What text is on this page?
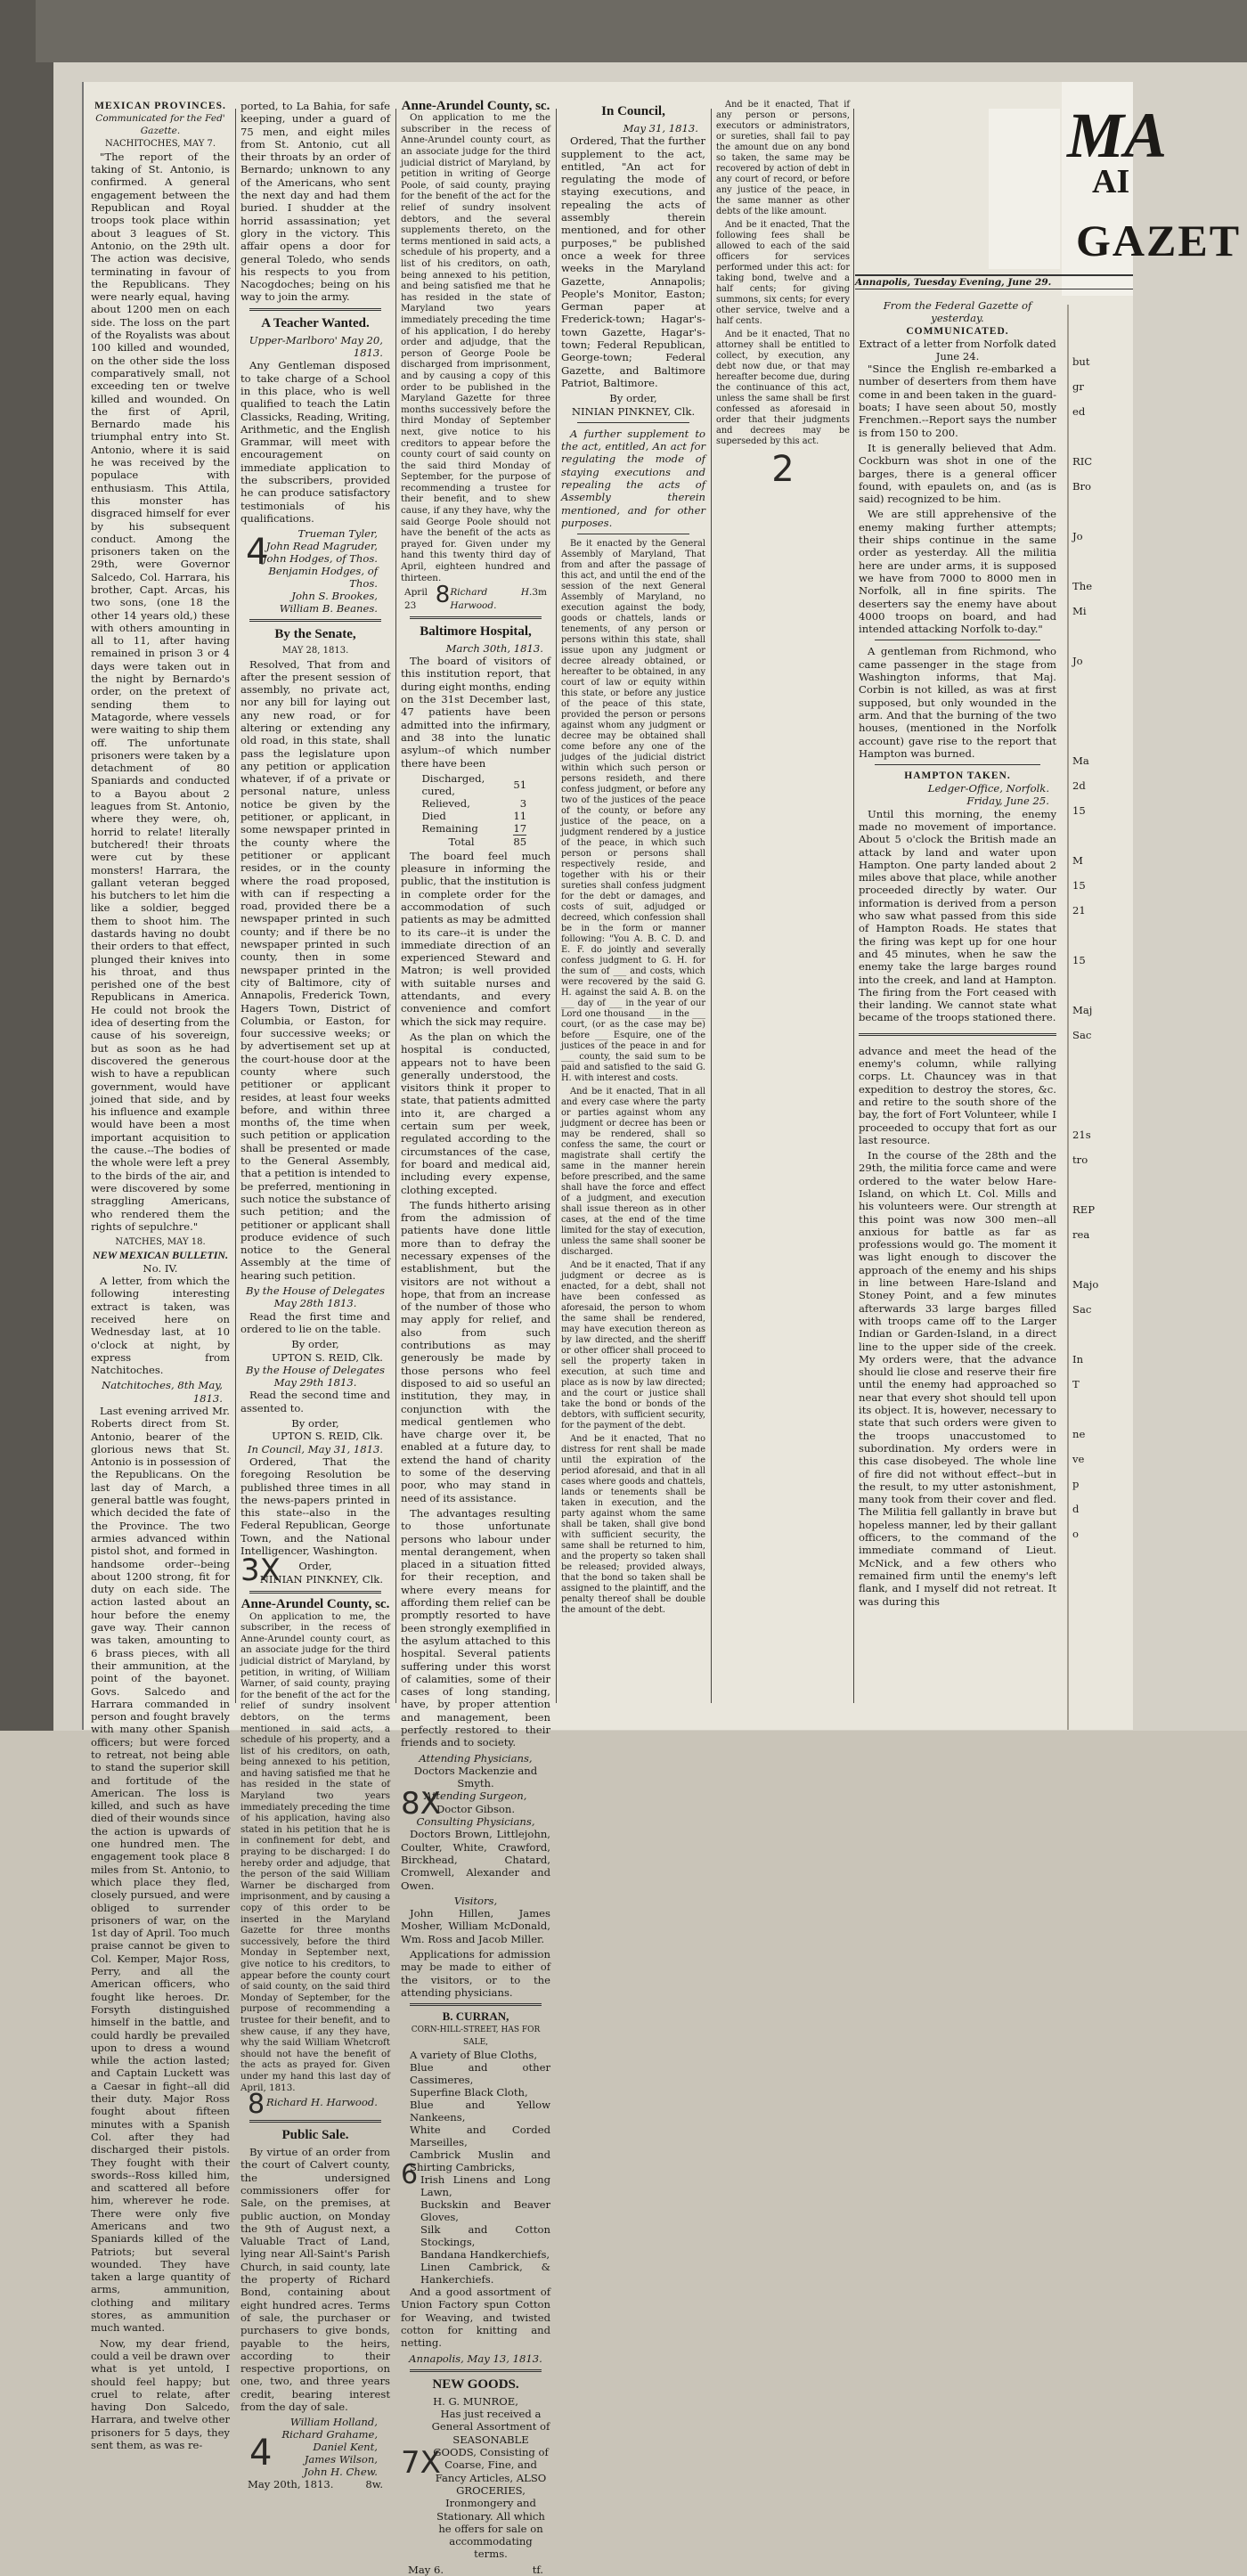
MEXICAN PROVINCES.
Communicated for the Fed' Gazette.
NACHITOCHES, MAY 7.

"The report of the taking of St. Antonio, is confirmed. A general engagement between the Republican and Royal troops took place within about 3 leagues of St. Antonio, on the 29th ult. The action was decisive, terminating in favour of the Republicans. They were nearly equal, having about 1200 men on each side. The loss on the part of the Royalists was about 100 killed and wounded, on the other side the loss comparatively small, not exceeding ten or twelve killed and wounded. On the first of April, Bernardo made his triumphal entry into St. Antonio, where it is said he was received by the populace with enthusiasm. This Attila, this monster has disgraced himself for ever by his subsequent conduct. Among the prisoners taken on the 29th, were Governor Salcedo, Col. Harrara, his brother, Capt. Arcas, his two sons, (one 18 the other 14 years old,) these with others amounting in all to 11, after having remained in prison 3 or 4 days were taken out in the night by Bernardo's order, on the pretext of sending them to Matagorde, where vessels were waiting to ship them off. The unfortunate prisoners were taken by a detachment of 80 Spaniards and conducted to a Bayou about 2 leagues from St. Antonio, where they were, oh, horrid to relate! literally butchered! their throats were cut by these monsters! Harrara, the gallant veteran begged his butchers to let him die like a soldier, begged them to shoot him. The dastards having no doubt their orders to that effect, plunged their knives into his throat, and thus perished one of the best Republicans in America. He could not brook the idea of deserting from the cause of his sovereign, but as soon as he had discovered the generous wish to have a republican government, would have joined that side, and by his influence and example would have been a most important acquisition to the cause.--The bodies of the whole were left a prey to the birds of the air, and were discovered by some straggling Americans, who rendered them the rights of sepulchre."

NATCHES, MAY 18.
NEW MEXICAN BULLETIN.
No. IV.

A letter, from which the following interesting extract is taken, was received here on Wednesday last, at 10 o'clock at night, by express from Natchitoches.

Natchitoches, 8th May, 1813.

Last evening arrived Mr. Roberts direct from St. Antonio, bearer of the glorious news that St. Antonio is in possession of the Republicans. On the last day of March, a general battle was fought, which decided the fate of the Province. The two armies advanced within pistol shot, and formed in handsome order--being about 1200 strong, fit for duty on each side. The action lasted about an hour before the enemy gave way. Their cannon was taken, amounting to 6 brass pieces, with all their ammunition, at the point of the bayonet. Govs. Salcedo and Harrara commanded in person and fought bravely with many other Spanish officers; but were forced to retreat, not being able to stand the superior skill and fortitude of the American. The loss is killed, and such as have died of their wounds since the action is upwards of one hundred men. The engagement took place 8 miles from St. Antonio, to which place they fled, closely pursued, and were obliged to surrender prisoners of war, on the 1st day of April. Too much praise cannot be given to Col. Kemper, Major Ross, Perry, and all the American officers, who fought like heroes. Dr. Forsyth distinguished himself in the battle, and could hardly be prevailed upon to dress a wound while the action lasted; and Captain Luckett was a Caesar in fight--all did their duty. Major Ross fought about fifteen minutes with a Spanish Col. after they had discharged their pistols. They fought with their swords--Ross killed him, and scattered all before him, wherever he rode. There were only five Americans and two Spaniards killed of the Patriots; but several wounded. They have taken a large quantity of arms, ammunition, clothing and military stores, as ammunition much wanted.

Now, my dear friend, could a veil be drawn over what is yet untold, I should feel happy; but cruel to relate, after having Don Salcedo, Harrara, and twelve other prisoners for 5 days, they sent them, as was re-

ported, to La Bahia, for safe keeping, under a guard of 75 men, and eight miles from St. Antonio, cut all their throats by an order of Bernardo; unknown to any of the Americans, who sent the next day and had them buried. I shudder at the horrid assassination; yet glory in the victory. This affair opens a door for general Toledo, who sends his respects to you from Nacogdoches; being on his way to join the army.

A Teacher Wanted.
Upper-Marlboro' May 20, 1813.

Any Gentleman disposed to take charge of a School in this place, who is well qualified to teach the Latin Classicks, Reading, Writing, Arithmetic, and the English Grammar, will meet with encouragement on immediate application to the subscribers, provided he can produce satisfactory testimonials of his qualifications.

4	Trueman Tyler,
John Read Magruder,
John Hodges, of Thos.
Benjamin Hodges, of Thos.
John S. Brookes,
William B. Beanes.
By the Senate,
MAY 28, 1813.

Resolved, That from and after the present session of assembly, no private act, nor any bill for laying out any new road, or for altering or extending any old road, in this state, shall pass the legislature upon any petition or application whatever, if of a private or personal nature, unless notice be given by the petitioner, or applicant, in some newspaper printed in the county where the petitioner or applicant resides, or in the county where the road proposed, with can if respecting a road, provided there be a newspaper printed in such county; and if there be no newspaper printed in such county, then in some newspaper printed in the city of Baltimore, city of Annapolis, Frederick Town, Hagers Town, District of Columbia, or Easton, for four successive weeks; or by advertisement set up at the court-house door at the county where such petitioner or applicant resides, at least four weeks before, and within three months of, the time when such petition or application shall be presented or made to the General Assembly, that a petition is intended to be preferred, mentioning in such notice the substance of such petition; and the petitioner or applicant shall produce evidence of such notice to the General Assembly at the time of hearing such petition.

By the House of Delegates May 28th 1813.

Read the first time and ordered to lie on the table.

By order,
UPTON S. REID, Clk.
By the House of Delegates May 29th 1813.

Read the second time and assented to.

By order,
UPTON S. REID, Clk.
In Council, May 31, 1813.

Ordered, That the foregoing Resolution be published three times in all the news-papers printed in this state--also in the Federal Republican, George Town, and the National Intelligencer, Washington.

3X	Order,
NINIAN PINKNEY, Clk.
Anne-Arundel County, sc.

On application to me, the subscriber, in the recess of Anne-Arundel county court, as an associate judge for the third judicial district of Maryland, by petition, in writing, of William Warner, of said county, praying for the benefit of the act for the relief of sundry insolvent debtors, on the terms mentioned in said acts, a schedule of his property, and a list of his creditors, on oath, being annexed to his petition, and having satisfied me that he has resided in the state of Maryland two years immediately preceding the time of his application, having also stated in his petition that he is in confinement for debt, and praying to be discharged: I do hereby order and adjudge, that the person of the said William Warner be discharged from imprisonment, and by causing a copy of this order to be inserted in the Maryland Gazette for three months successively, before the third Monday in September next, give notice to his creditors, to appear before the county court of said county, on the said third Monday of September, for the purpose of recommending a trustee for their benefit, and to shew cause, if any they have, why the said William Whetcroft should not have the benefit of the acts as prayed for. Given under my hand this last day of April, 1813.

8 Richard H. Harwood.
Public Sale.

By virtue of an order from the court of Calvert county, the undersigned commissioners offer for Sale, on the premises, at public auction, on Monday the 9th of August next, a Valuable Tract of Land, lying near All-Saint's Parish Church, in said county, late the property of Richard Bond, containing about eight hundred acres. Terms of sale, the purchaser or purchasers to give bonds, payable to the heirs, according to their respective proportions, on one, two, and three years credit, bearing interest from the day of sale.

4
William Holland,
Richard Grahame,
Daniel Kent,
James Wilson,
John H. Chew.
May 20th, 1813.	8w.
Anne-Arundel County, sc.

On application to me the subscriber in the recess of Anne-Arundel county court, as an associate judge for the third judicial district of Maryland, by petition in writing of George Poole, of said county, praying for the benefit of the act for the relief of sundry insolvent debtors, and the several supplements thereto, on the terms mentioned in said acts, a schedule of his property, and a list of his creditors, on oath, being annexed to his petition, and being satisfied me that he has resided in the state of Maryland two years immediately preceding the time of his application, I do hereby order and adjudge, that the person of George Poole be discharged from imprisonment, and by causing a copy of this order to be published in the Maryland Gazette for three months successively before the third Monday of September next, give notice to his creditors to appear before the county court of said county on the said third Monday of September, for the purpose of recommending a trustee for their benefit, and to shew cause, if any they have, why the said George Poole should not have the benefit of the acts as prayed for. Given under my hand this twenty third day of April, eighteen hundred and thirteen.

April 23 8 Richard H. Harwood.
3m
Baltimore Hospital,
March 30th, 1813.

The board of visitors of this institution report, that during eight months, ending on the 31st December last, 47 patients have been admitted into the infirmary, and 38 into the lunatic asylum--of which number there have been

Discharged, cured,	51
Relieved,	3
Died	11
Remaining	17
Total	85

The board feel much pleasure in informing the public, that the institution is in complete order for the accommodation of such patients as may be admitted to its care--it is under the immediate direction of an experienced Steward and Matron; is well provided with suitable nurses and attendants, and every convenience and comfort which the sick may require.

As the plan on which the hospital is conducted, appears not to have been generally understood, the visitors think it proper to state, that patients admitted into it, are charged a certain sum per week, regulated according to the circumstances of the case, for board and medical aid, including every expense, clothing excepted.

The funds hitherto arising from the admission of patients have done little more than to defray the necessary expenses of the establishment, but the visitors are not without a hope, that from an increase of the number of those who may apply for relief, and also from such contributions as may generously be made by those persons who feel disposed to aid so useful an institution, they may, in conjunction with the medical gentlemen who have charge over it, be enabled at a future day, to extend the hand of charity to some of the deserving poor, who may stand in need of its assistance.

The advantages resulting to those unfortunate persons who labour under mental derangement, when placed in a situation fitted for their reception, and where every means for affording them relief can be promptly resorted to have been strongly exemplified in the asylum attached to this hospital. Several patients suffering under this worst of calamities, some of their cases of long standing, have, by proper attention and management, been perfectly restored to their friends and to society.

Attending Physicians,
Doctors Mackenzie and Smyth.
8X
Attending Surgeon,
Doctor Gibson.
Consulting Physicians,

Doctors Brown, Littlejohn, Coulter, White, Crawford, Birckhead, Chatard, Cromwell, Alexander and Owen.

Visitors,

John Hillen, James Mosher, William McDonald, Wm. Ross and Jacob Miller.

Applications for admission may be made to either of the visitors, or to the attending physicians.

B. CURRAN,
CORN-HILL-STREET, HAS FOR SALE,
6
A variety of Blue Cloths,
Blue and other Cassimeres,
Superfine Black Cloth,
Blue and Yellow Nankeens,
White and Corded Marseilles,
Cambrick Muslin and Shirting Cambricks,
Irish Linens and Long Lawn,
Buckskin and Beaver Gloves,
Silk and Cotton Stockings,
Bandana Handkerchiefs,
Linen Cambrick, & Hankerchiefs.

And a good assortment of Union Factory spun Cotton for Weaving, and twisted cotton for knitting and netting.

Annapolis, May 13, 1813.
NEW GOODS.
H. G. MUNROE,
7X

Has just received a General Assortment of SEASONABLE GOODS, Consisting of Coarse, Fine, and Fancy Articles, ALSO GROCERIES, Ironmongery and Stationary. All which he offers for sale on accommodating terms.

May 6.	tf.
In Council,
May 31, 1813.

Ordered, That the further supplement to the act, entitled, "An act for regulating the mode of staying executions, and repealing the acts of assembly therein mentioned, and for other purposes," be published once a week for three weeks in the Maryland Gazette, Annapolis; People's Monitor, Easton; German paper at Frederick-town; Hagar's-town Gazette, Hagar's-town; Federal Republican, George-town; Federal Gazette, and Baltimore Patriot, Baltimore.

By order,
NINIAN PINKNEY, Clk.

A further supplement to the act, entitled, An act for regulating the mode of staying executions and repealing the acts of Assembly therein mentioned, and for other purposes.

Be it enacted by the General Assembly of Maryland, That from and after the passage of this act, and until the end of the session of the next General Assembly of Maryland, no execution against the body, goods or chattels, lands or tenements, of any person or persons within this state, shall issue upon any judgment or decree already obtained, or hereafter to be obtained, in any court of law or equity within this state, or before any justice of the peace of this state, provided the person or persons against whom any judgment or decree may be obtained shall come before any one of the judges of the judicial district within which such person or persons resideth, and there confess judgment, or before any two of the justices of the peace of the county, or before any justice of the peace, on a judgment rendered by a justice of the peace, in which such person or persons shall respectively reside, and together with his or their sureties shall confess judgment for the debt or damages, and costs of suit, adjudged or decreed, which confession shall be in the form or manner following: "You A. B. C. D. and E. F. do jointly and severally confess judgment to G. H. for the sum of ___ and costs, which were recovered by the said G. H. against the said A. B. on the ___ day of ___ in the year of our Lord one thousand ___ in the ___ court, (or as the case may be) before ___ Esquire, one of the justices of the peace in and for ___ county, the said sum to be paid and satisfied to the said G. H. with interest and costs.

And be it enacted, That in all and every case where the party or parties against whom any judgment or decree has been or may be rendered, shall so confess the same, the court or magistrate shall certify the same in the manner herein before prescribed, and the same shall have the force and effect of a judgment, and execution shall issue thereon as in other cases, at the end of the time limited for the stay of execution, unless the same shall sooner be discharged.

And be it enacted, That if any judgment or decree as is enacted, for a debt, shall not have been confessed as aforesaid, the person to whom the same shall be rendered, may have execution thereon as by law directed, and the sheriff or other officer shall proceed to sell the property taken in execution, at such time and place as is now by law directed; and the court or justice shall take the bond or bonds of the debtors, with sufficient security, for the payment of the debt.

And be it enacted, That no distress for rent shall be made until the expiration of the period aforesaid, and that in all cases where goods and chattels, lands or tenements shall be taken in execution, and the party against whom the same shall be taken, shall give bond with sufficient security, the same shall be returned to him, and the property so taken shall be released; provided always, that the bond so taken shall be assigned to the plaintiff, and the penalty thereof shall be double the amount of the debt.

And be it enacted, That if any person or persons, executors or administrators, or sureties, shall fail to pay the amount due on any bond so taken, the same may be recovered by action of debt in any court of record, or before any justice of the peace, in the same manner as other debts of the like amount.

And be it enacted, That the following fees shall be allowed to each of the said officers for services performed under this act: for taking bond, twelve and a half cents; for giving summons, six cents; for every other service, twelve and a half cents.

And be it enacted, That no attorney shall be entitled to collect, by execution, any debt now due, or that may hereafter become due, during the continuance of this act, unless the same shall be first confessed as aforesaid in order that their judgments and decrees may be superseded by this act.

2
From the Federal Gazette of yesterday.
COMMUNICATED.
Extract of a letter from Norfolk dated June 24.

"Since the English re-embarked a number of deserters from them have come in and been taken in the guard-boats; I have seen about 50, mostly Frenchmen.--Report says the number is from 150 to 200.

It is generally believed that Adm. Cockburn was shot in one of the barges, there is a general officer found, with epaulets on, and (as is said) recognized to be him.

We are still apprehensive of the enemy making further attempts; their ships continue in the same order as yesterday. All the militia here are under arms, it is supposed we have from 7000 to 8000 men in Norfolk, all in fine spirits. The deserters say the enemy have about 4000 troops on board, and had intended attacking Norfolk to-day."

A gentleman from Richmond, who came passenger in the stage from Washington informs, that Maj. Corbin is not killed, as was at first supposed, but only wounded in the arm. And that the burning of the two houses, (mentioned in the Norfolk account) gave rise to the report that Hampton was burned.

HAMPTON TAKEN.
Ledger-Office, Norfolk.
Friday, June 25.

Until this morning, the enemy made no movement of importance. About 5 o'clock the British made an attack by land and water upon Hampton. One party landed about 2 miles above that place, while another proceeded directly by water. Our information is derived from a person who saw what passed from this side of Hampton Roads. He states that the firing was kept up for one hour and 45 minutes, when he saw the enemy take the large barges round into the creek, and land at Hampton. The firing from the Fort ceased with their landing. We cannot state what became of the troops stationed there.

advance and meet the head of the enemy's column, while rallying corps. Lt. Chauncey was in that expedition to destroy the stores, &c. and retire to the south shore of the bay, the fort of Fort Volunteer, while I proceeded to occupy that fort as our last resource.

In the course of the 28th and the 29th, the militia force came and were ordered to the water below Hare-Island, on which Lt. Col. Mills and his volunteers were. Our strength at this point was now 300 men--all anxious for battle as far as professions would go. The moment it was light enough to discover the approach of the enemy and his ships in line between Hare-Island and Stoney Point, and a few minutes afterwards 33 large barges filled with troops came off to the Larger Indian or Garden-Island, in a direct line to the upper side of the creek. My orders were, that the advance should lie close and reserve their fire until the enemy had approached so near that every shot should tell upon its object. It is, however, necessary to state that such orders were given to the troops unaccustomed to subordination. My orders were in this case disobeyed. The whole line of fire did not without effect--but in the result, to my utter astonishment, many took from their cover and fled. The Militia fell gallantly in brave but hopeless manner, led by their gallant officers, to the command of the immediate command of Lieut. McNick, and a few others who remained firm until the enemy's left flank, and I myself did not retreat. It was during this

but
gr
ed
RIC
Bro
Jo
The
Mi
Jo
Ma
2d
15
M
15
21
15
Maj
Sac
21s
tro
REP
rea
Majo
Sac
In
T
ne
ve
p
d
o
MA
AI
GAZET
Annapolis, Tuesday Evening, June 29.
